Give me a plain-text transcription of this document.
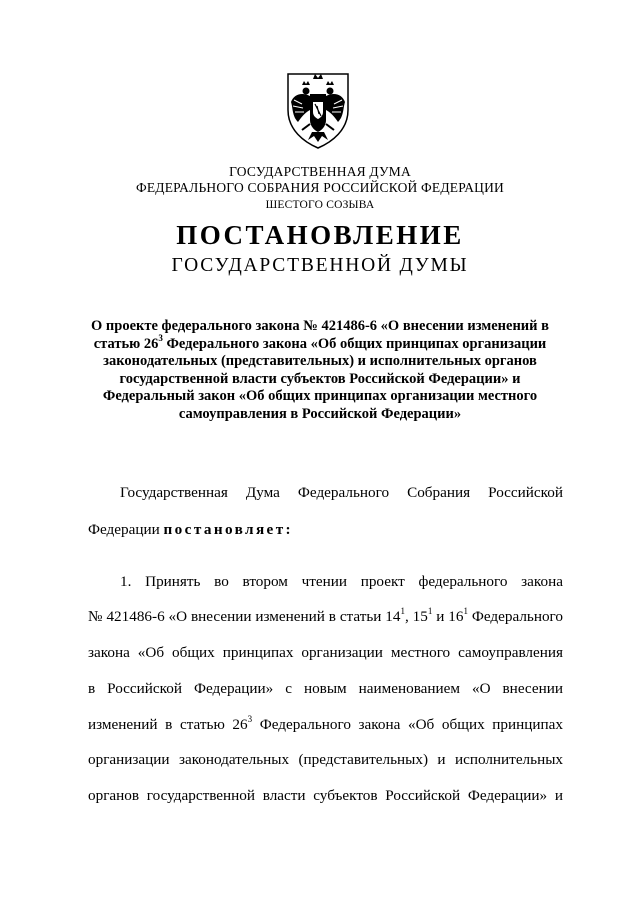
ГОСУДАРСТВЕННАЯ ДУМА
ФЕДЕРАЛЬНОГО СОБРАНИЯ РОССИЙСКОЙ ФЕДЕРАЦИИ
ШЕСТОГО СОЗЫВА
ПОСТАНОВЛЕНИЕ
ГОСУДАРСТВЕННОЙ ДУМЫ
О проекте федерального закона № 421486-6 «О внесении изменений в
статью $26^3$ Федерального закона «Об общих принципах организации
законодательных (представительных) и исполнительных органов
государственной власти субъектов Российской Федерации» и
Федеральный закон «Об общих принципах организации местного
самоуправления в Российской Федерации»
Государственная Дума Федерального Собрания Российской
Федерации постановляет:
1. Принять во втором чтении проект федерального закона
№ 421486-6 «О внесении изменений в статьи $14^1$, $15^1$ и $16^1$ Федерального
закона «Об общих принципах организации местного самоуправления
в Российской Федерации» с новым наименованием «О внесении
изменений в статью $26^3$ Федерального закона «Об общих принципах
организации законодательных (представительных) и исполнительных
органов государственной власти субъектов Российской Федерации» и
